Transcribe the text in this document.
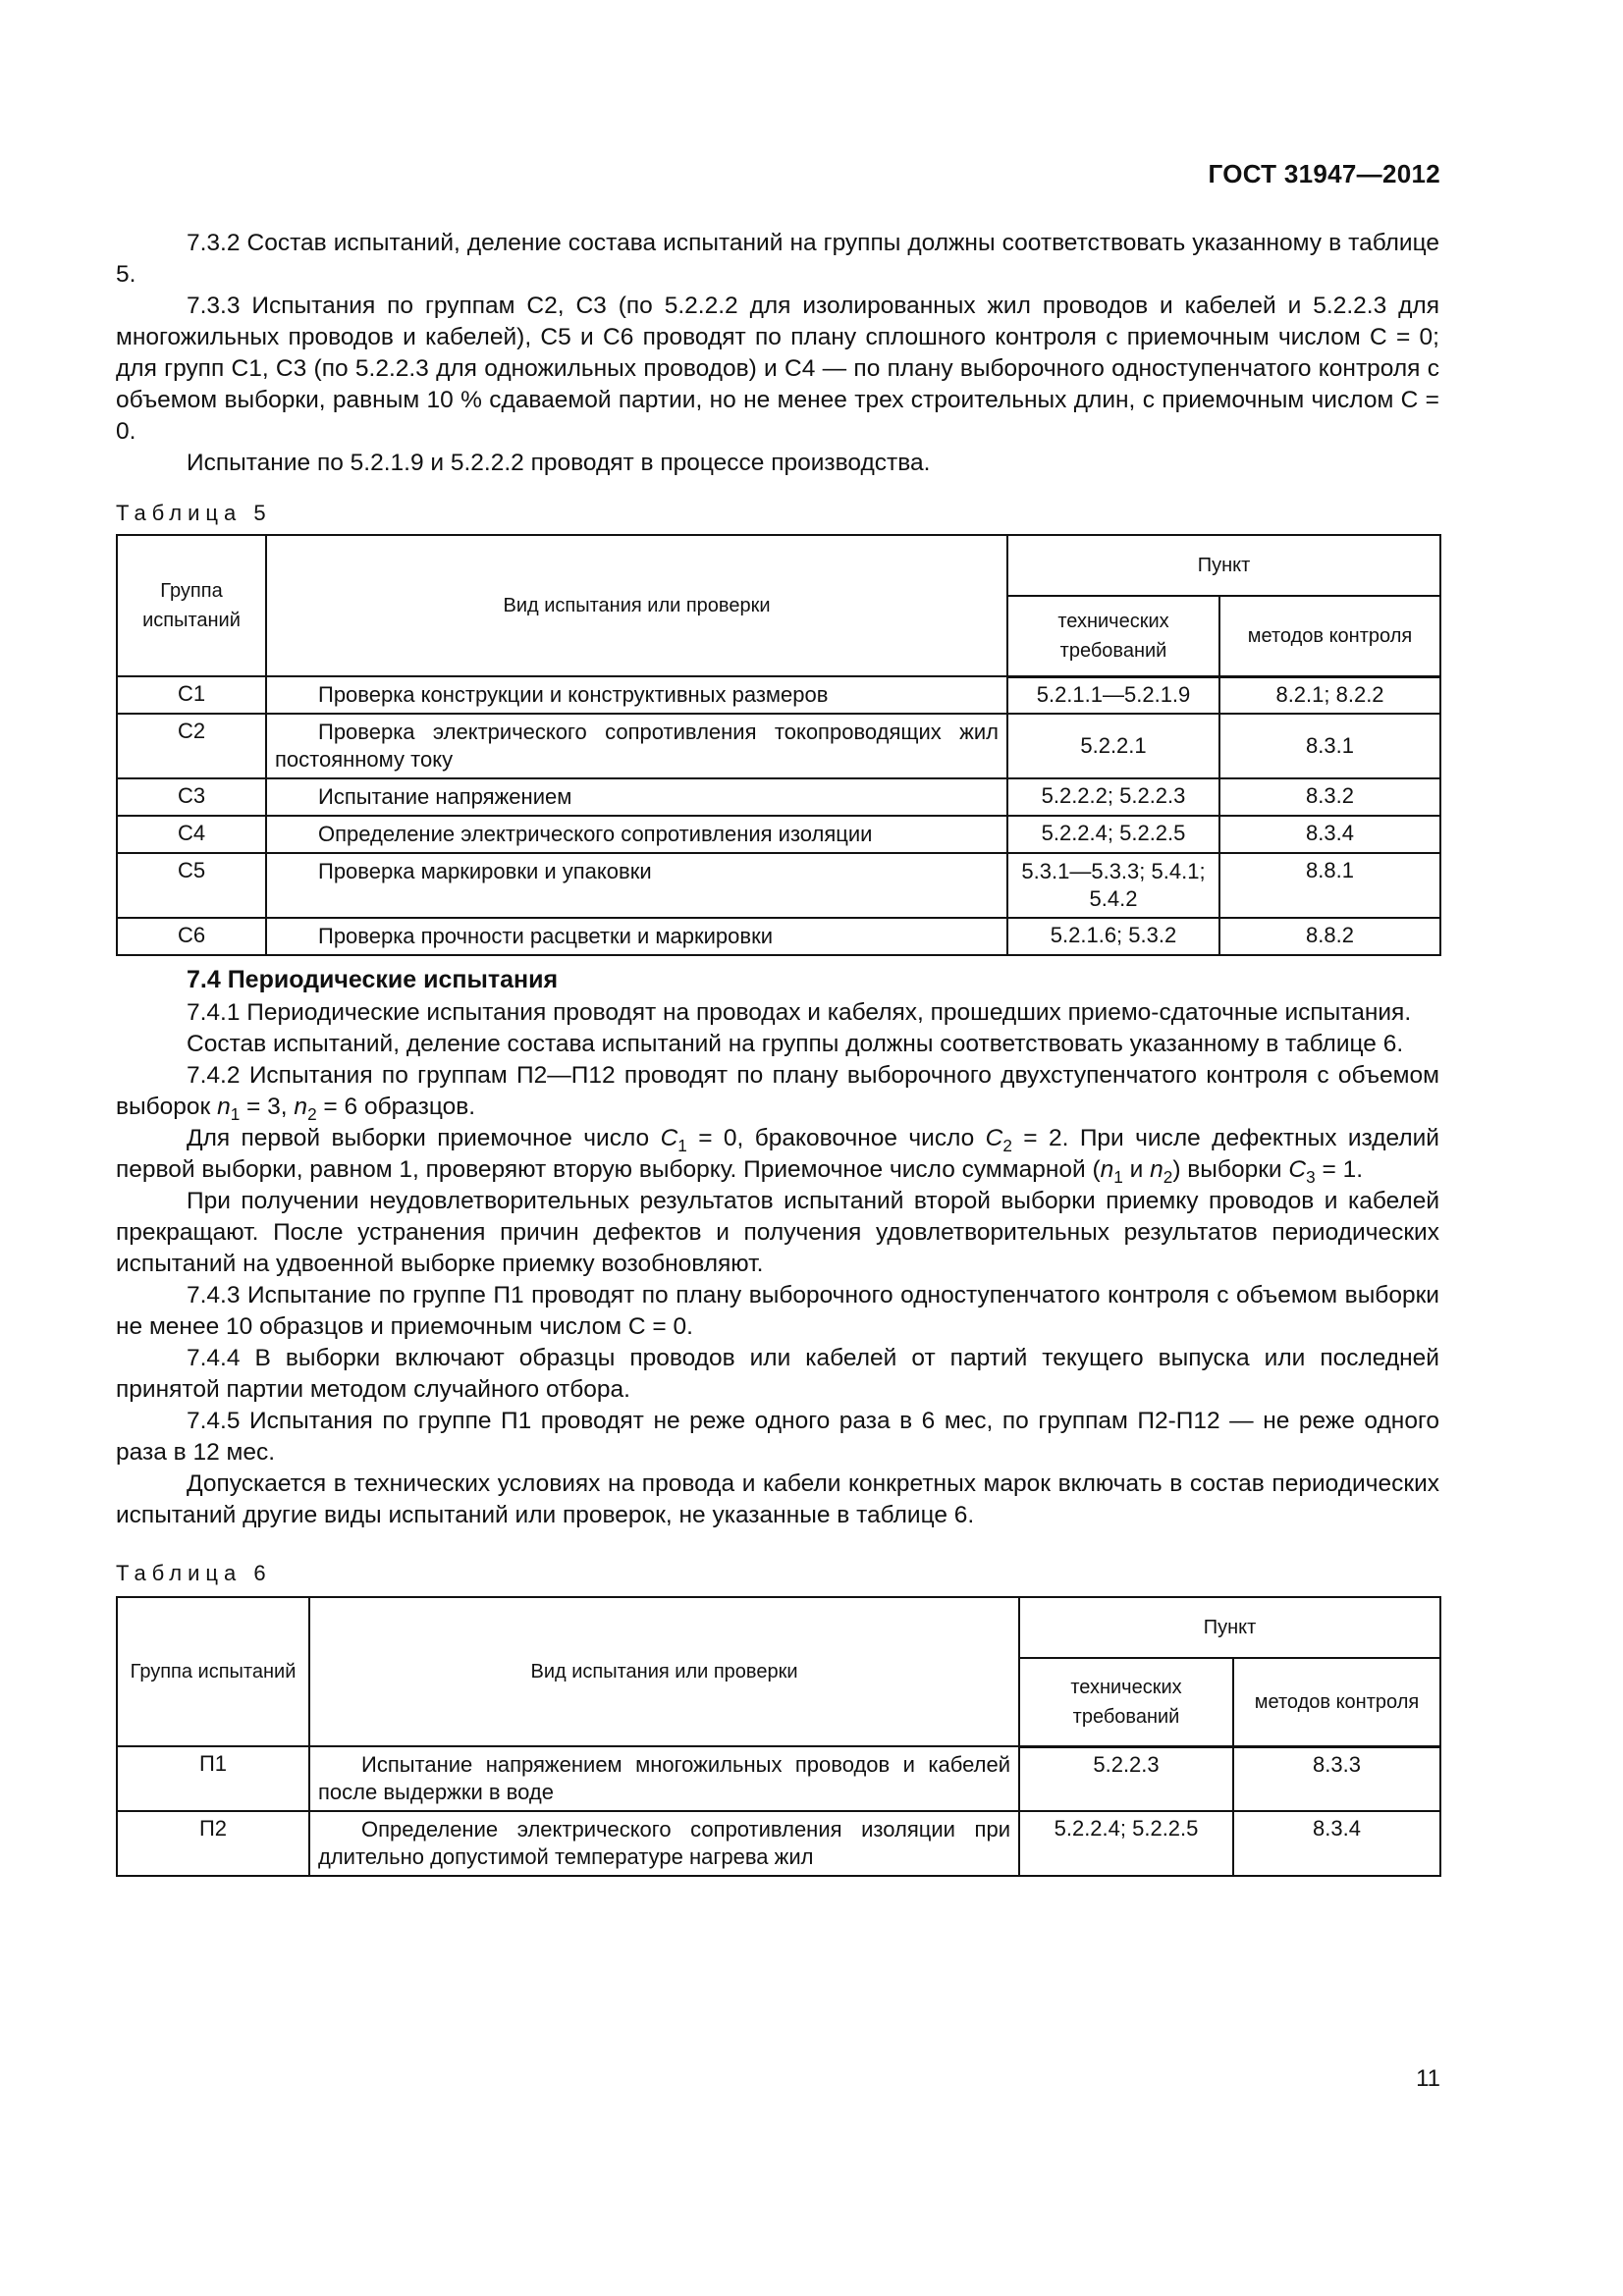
ГОСТ 31947—2012

7.3.2 Состав испытаний, деление состава испытаний на группы должны соответствовать указанному в таблице 5.

7.3.3 Испытания по группам С2, С3 (по 5.2.2.2 для изолированных жил проводов и кабелей и 5.2.2.3 для многожильных проводов и кабелей), С5 и С6 проводят по плану сплошного контроля с приемочным числом C = 0; для групп С1, С3 (по 5.2.2.3 для одножильных проводов) и С4 — по плану выборочного одноступенчатого контроля с объемом выборки, равным 10 % сдаваемой партии, но не менее трех строительных длин, с приемочным числом C = 0.

Испытание по 5.2.1.9 и 5.2.2.2 проводят в процессе производства.

Таблица 5

Группа испытаний	Вид испытания или проверки	Пункт	
		технических требований	методов контроля
С1	Проверка конструкции и конструктивных размеров	5.2.1.1—5.2.1.9	8.2.1; 8.2.2
С2	Проверка электрического сопротивления токопроводящих жил постоянному току	5.2.2.1	8.3.1
С3	Испытание напряжением	5.2.2.2; 5.2.2.3	8.3.2
С4	Определение электрического сопротивления изоляции	5.2.2.4; 5.2.2.5	8.3.4
С5	Проверка маркировки и упаковки	5.3.1—5.3.3; 5.4.1; 5.4.2	8.8.1
С6	Проверка прочности расцветки и маркировки	5.2.1.6; 5.3.2	8.8.2

7.4 Периодические испытания

7.4.1 Периодические испытания проводят на проводах и кабелях, прошедших приемо-сдаточные испытания.

Состав испытаний, деление состава испытаний на группы должны соответствовать указанному в таблице 6.

7.4.2 Испытания по группам П2—П12 проводят по плану выборочного двухступенчатого контроля с объемом выборок $n_1 = 3$, $n_2 = 6$ образцов.

Для первой выборки приемочное число $C_1 = 0$, браковочное число $C_2 = 2$. При числе дефектных изделий первой выборки, равном 1, проверяют вторую выборку. Приемочное число суммарной ($n_1$ и $n_2$) выборки $C_3 = 1$.

При получении неудовлетворительных результатов испытаний второй выборки приемку проводов и кабелей прекращают. После устранения причин дефектов и получения удовлетворительных результатов периодических испытаний на удвоенной выборке приемку возобновляют.

7.4.3 Испытание по группе П1 проводят по плану выборочного одноступенчатого контроля с объемом выборки не менее 10 образцов и приемочным числом C = 0.

7.4.4 В выборки включают образцы проводов или кабелей от партий текущего выпуска или последней принятой партии методом случайного отбора.

7.4.5 Испытания по группе П1 проводят не реже одного раза в 6 мес, по группам П2-П12 — не реже одного раза в 12 мес.

Допускается в технических условиях на провода и кабели конкретных марок включать в состав периодических испытаний другие виды испытаний или проверок, не указанные в таблице 6.

Таблица 6

Группа испытаний	Вид испытания или проверки	Пункт	
		технических требований	методов контроля
П1	Испытание напряжением многожильных проводов и кабелей после выдержки в воде	5.2.2.3	8.3.3
П2	Определение электрического сопротивления изоляции при длительно допустимой температуре нагрева жил	5.2.2.4; 5.2.2.5	8.3.4
11
